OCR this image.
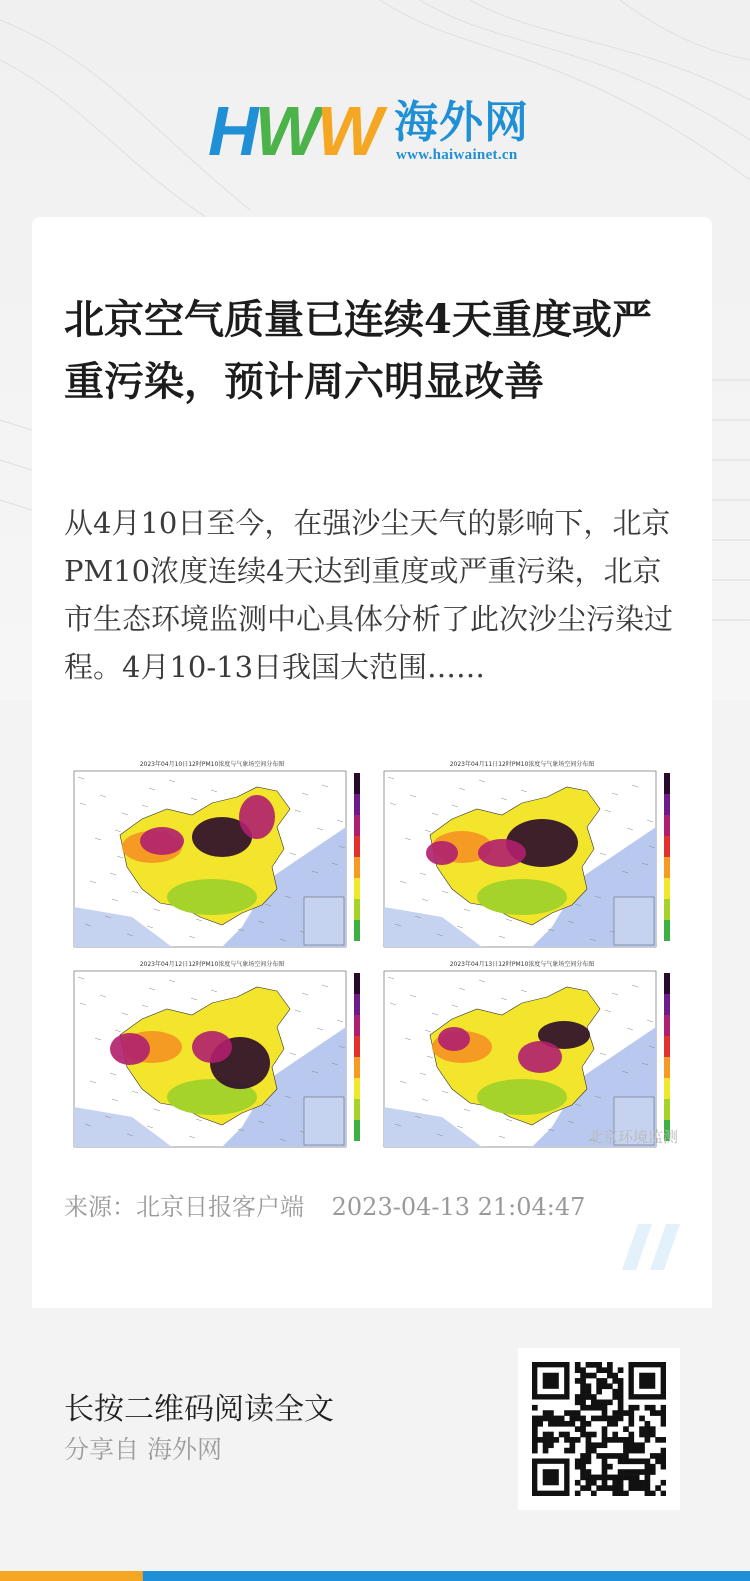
H W W 海外网
www.haiwainet.cn
北京空气质量已连续4天重度或严重污染，预计周六明显改善
从4月10日至今，在强沙尘天气的影响下，北京PM10浓度连续4天达到重度或严重污染，北京市生态环境监测中心具体分析了此次沙尘污染过程。4月10-13日我国大范围……
2023年04月10日12时PM10浓度与气象场空间分布图	2023年04月11日12时PM10浓度与气象场空间分布图
2023年04月12日12时PM10浓度与气象场空间分布图	2023年04月13日12时PM10浓度与气象场空间分布图
北京环境监测
来源：北京日报客户端 2023-04-13 21:04:47
长按二维码阅读全文
分享自 海外网
